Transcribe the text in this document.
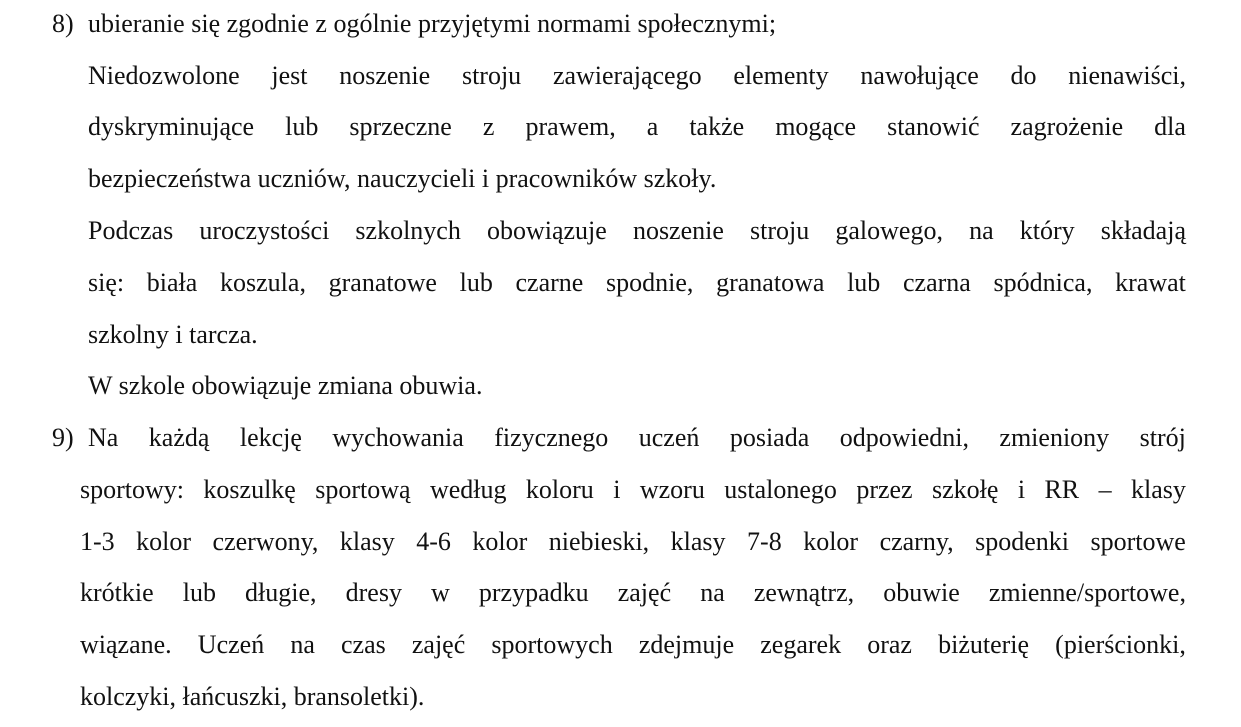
8) ubieranie się zgodnie z ogólnie przyjętymi normami społecznymi;
Niedozwolone jest noszenie stroju zawierającego elementy nawołujące do nienawiści,
dyskryminujące lub sprzeczne z prawem, a także mogące stanowić zagrożenie dla
bezpieczeństwa uczniów, nauczycieli i pracowników szkoły.
Podczas uroczystości szkolnych obowiązuje noszenie stroju galowego, na który składają
się: biała koszula, granatowe lub czarne spodnie, granatowa lub czarna spódnica, krawat
szkolny i tarcza.
W szkole obowiązuje zmiana obuwia.
9) Na każdą lekcję wychowania fizycznego uczeń posiada odpowiedni, zmieniony strój
sportowy: koszulkę sportową według koloru i wzoru ustalonego przez szkołę i RR – klasy
1-3 kolor czerwony, klasy 4-6 kolor niebieski, klasy 7-8 kolor czarny, spodenki sportowe
krótkie lub długie, dresy w przypadku zajęć na zewnątrz, obuwie zmienne/sportowe,
wiązane. Uczeń na czas zajęć sportowych zdejmuje zegarek oraz biżuterię (pierścionki,
kolczyki, łańcuszki, bransoletki).
